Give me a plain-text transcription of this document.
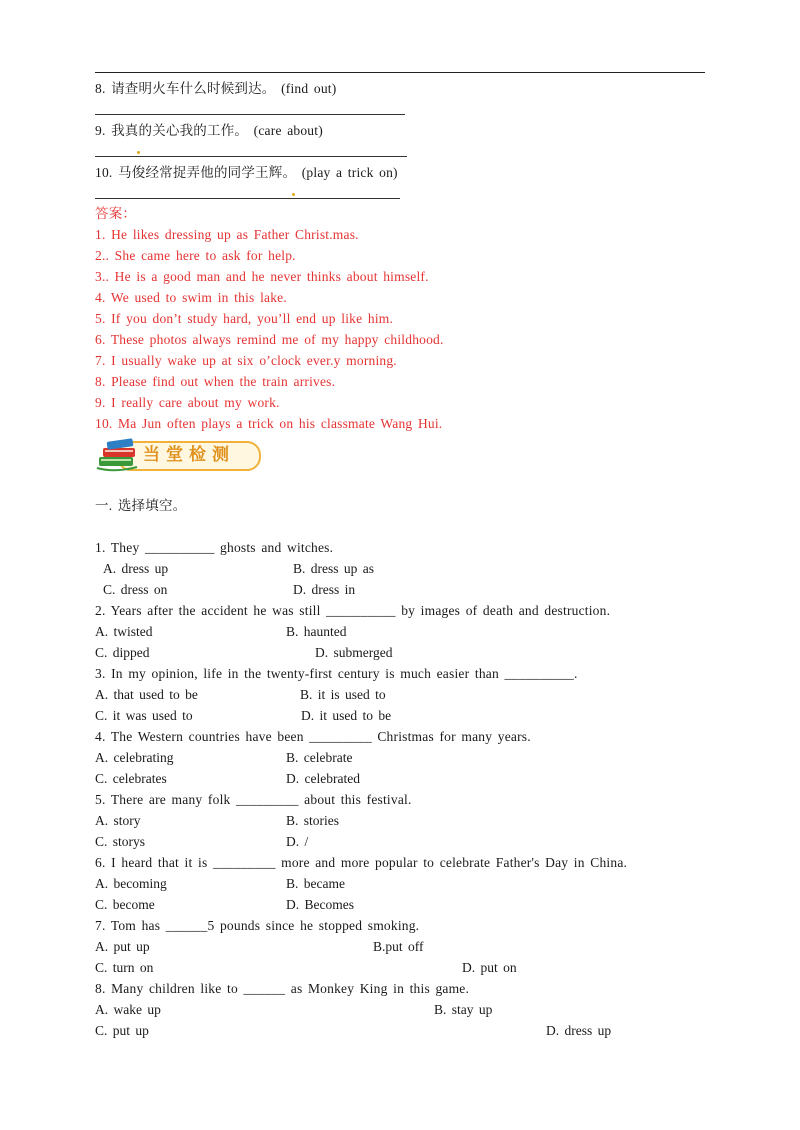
8. 请查明火车什么时候到达。 (find out)
9. 我真的关心我的工作。 (care about)
10. 马俊经常捉弄他的同学王辉。 (play a trick on)
答案：
1. He likes dressing up as Father Christ.mas.
2.. She came here to ask for help.
3.. He is a good man and he never thinks about himself.
4. We used to swim in this lake.
5. If you don’t study hard, you’ll end up like him.
6. These photos always remind me of my happy childhood.
7. I usually wake up at six o’clock ever.y morning.
8. Please find out when the train arrives.
9. I really care about my work.
10. Ma Jun often plays a trick on his classmate Wang Hui.
当堂检测
一. 选择填空。
1. They __________ ghosts and witches.
A. dress up	B. dress up as
C. dress on	D. dress in
2. Years after the accident he was still __________ by images of death and destruction.
A. twisted	B. haunted
C. dipped	D. submerged
3. In my opinion, life in the twenty-first century is much easier than __________.
A. that used to be	B. it is used to
C. it was used to	D. it used to be
4. The Western countries have been _________ Christmas for many years.
A. celebrating	B. celebrate
C. celebrates	D. celebrated
5. There are many folk _________ about this festival.
A. story	B. stories
C. storys	D. /
6. I heard that it is _________ more and more popular to celebrate Father's Day in China.
A. becoming	B. became
C. become	D. Becomes
7. Tom has ______5 pounds since he stopped smoking.
A. put up	B.put off
C. turn on	D. put on
8. Many children like to ______ as Monkey King in this game.
A. wake up	B. stay up
C. put up	D. dress up
